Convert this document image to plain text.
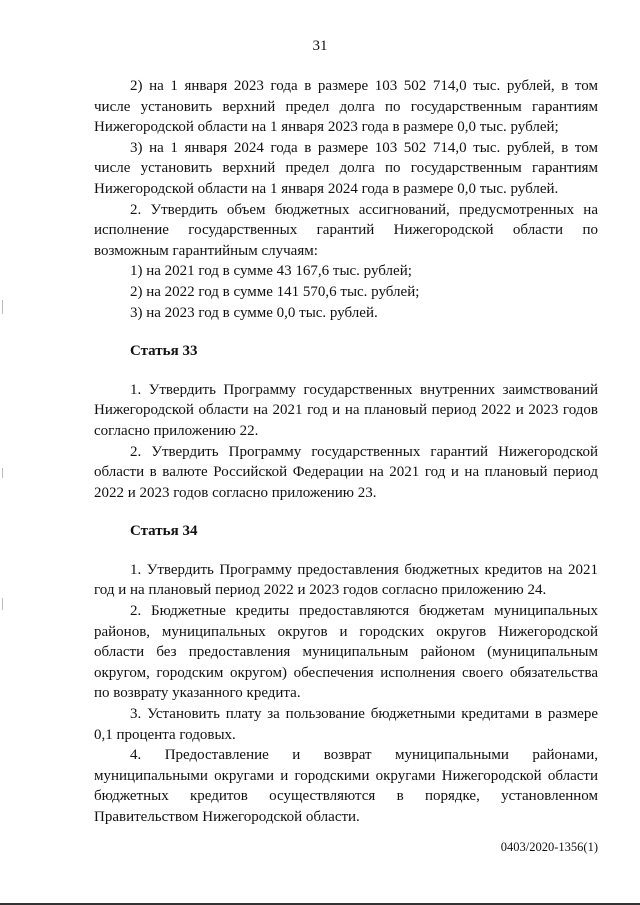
31

2) на 1 января 2023 года в размере 103 502 714,0 тыс. рублей, в том числе установить верхний предел долга по государственным гарантиям Нижегородской области на 1 января 2023 года в размере 0,0 тыс. рублей;

3) на 1 января 2024 года в размере 103 502 714,0 тыс. рублей, в том числе установить верхний предел долга по государственным гарантиям Нижегородской области на 1 января 2024 года в размере 0,0 тыс. рублей.

2. Утвердить объем бюджетных ассигнований, предусмотренных на исполнение государственных гарантий Нижегородской области по возможным гарантийным случаям:

1) на 2021 год в сумме 43 167,6 тыс. рублей;

2) на 2022 год в сумме 141 570,6 тыс. рублей;

3) на 2023 год в сумме 0,0 тыс. рублей.

Статья 33

1. Утвердить Программу государственных внутренних заимствований Нижегородской области на 2021 год и на плановый период 2022 и 2023 годов согласно приложению 22.

2. Утвердить Программу государственных гарантий Нижегородской области в валюте Российской Федерации на 2021 год и на плановый период 2022 и 2023 годов согласно приложению 23.

Статья 34

1. Утвердить Программу предоставления бюджетных кредитов на 2021 год и на плановый период 2022 и 2023 годов согласно приложению 24.

2. Бюджетные кредиты предоставляются бюджетам муниципальных районов, муниципальных округов и городских округов Нижегородской области без предоставления муниципальным районом (муниципальным округом, городским округом) обеспечения исполнения своего обязательства по возврату указанного кредита.

3. Установить плату за пользование бюджетными кредитами в размере 0,1 процента годовых.

4. Предоставление и возврат муниципальными районами, муниципальными округами и городскими округами Нижегородской области бюджетных кредитов осуществляются в порядке, установленном Правительством Нижегородской области.

0403/2020-1356(1)
